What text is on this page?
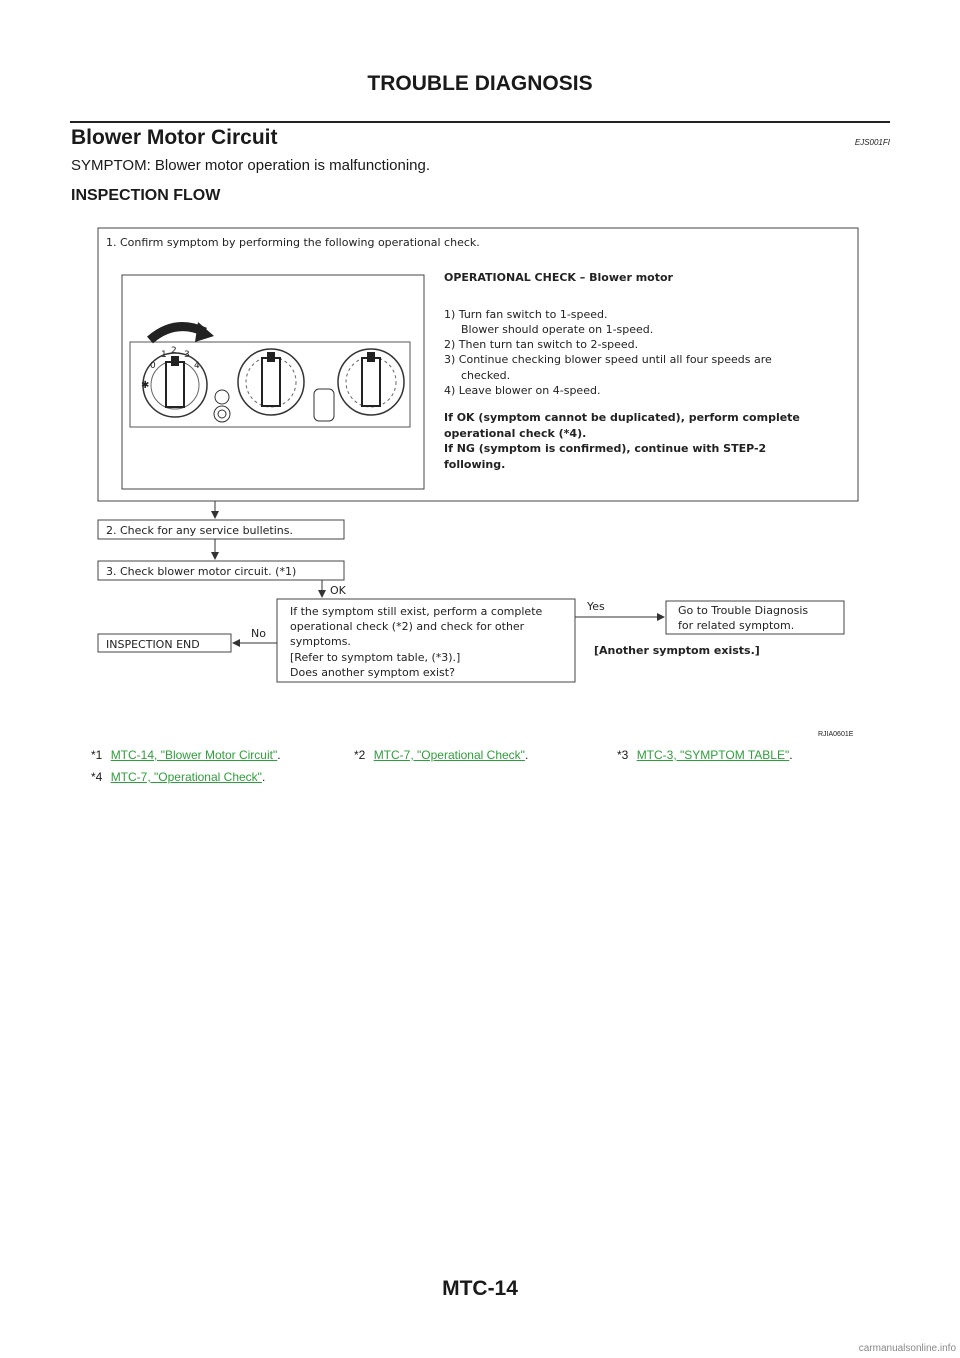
TROUBLE DIAGNOSIS
Blower Motor Circuit	EJS001FI
SYMPTOM: Blower motor operation is malfunctioning.
INSPECTION FLOW
1. Confirm symptom by performing the following operational check.
0
1 2 3
4
✱
OPERATIONAL CHECK – Blower motor
1) Turn fan switch to 1-speed.
Blower should operate on 1-speed.
2) Then turn tan switch to 2-speed.
3) Continue checking blower speed until all four speeds are
checked.
4) Leave blower on 4-speed.
If OK (symptom cannot be duplicated), perform complete
operational check (*4).
If NG (symptom is confirmed), continue with STEP-2
following.
2. Check for any service bulletins.
3. Check blower motor circuit. (*1)
OK
If the symptom still exist, perform a complete
operational check (*2) and check for other
symptoms.
[Refer to symptom table, (*3).]
Does another symptom exist?
No
INSPECTION END
Yes	Go to Trouble Diagnosis
for related symptom.
[Another symptom exists.]
RJIA0601E
*1 MTC-14, "Blower Motor Circuit".	*2 MTC-7, "Operational Check".	*3 MTC-3, "SYMPTOM TABLE".
*4 MTC-7, "Operational Check".
MTC-14
carmanualsonline.info
